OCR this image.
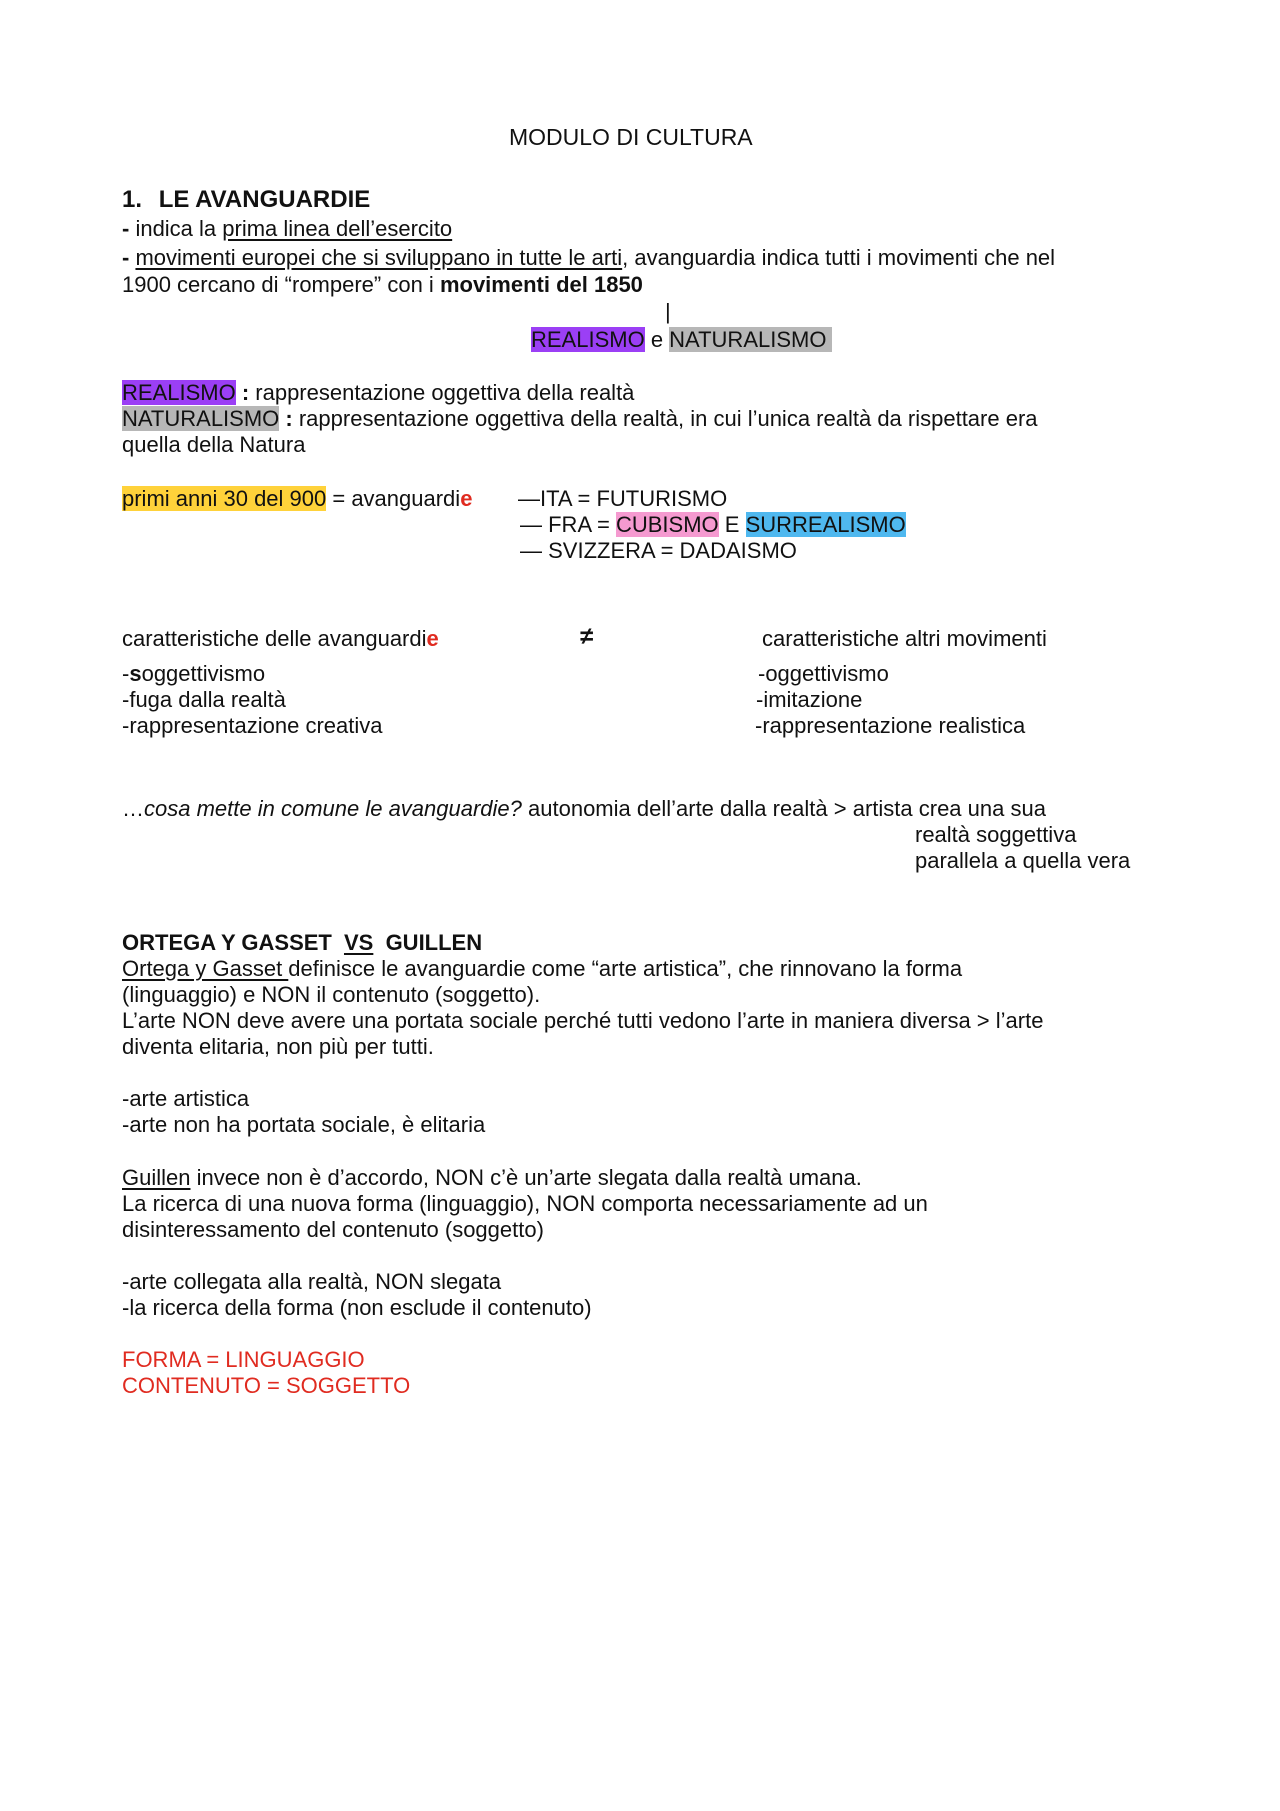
MODULO DI CULTURA
1. LE AVANGUARDIE
- indica la prima linea dell’esercito
- movimenti europei che si sviluppano in tutte le arti, avanguardia indica tutti i movimenti che nel
1900 cercano di “rompere” con i movimenti del 1850
|
REALISMO e NATURALISMO
REALISMO : rappresentazione oggettiva della realtà
NATURALISMO : rappresentazione oggettiva della realtà, in cui l’unica realtà da rispettare era
quella della Natura
primi anni 30 del 900 = avanguardie —ITA = FUTURISMO
— FRA = CUBISMO E SURREALISMO
— SVIZZERA = DADAISMO
caratteristiche delle avanguardie	≠	caratteristiche altri movimenti
-soggettivismo
-fuga dalla realtà
-rappresentazione creativa
-oggettivismo
-imitazione
-rappresentazione realistica
…cosa mette in comune le avanguardie? autonomia dell’arte dalla realtà > artista crea una sua
realtà soggettiva
parallela a quella vera
ORTEGA Y GASSET VS  GUILLEN
Ortega y Gasset definisce le avanguardie come “arte artistica”, che rinnovano la forma
(linguaggio) e NON il contenuto (soggetto).
L’arte NON deve avere una portata sociale perché tutti vedono l’arte in maniera diversa > l’arte
diventa elitaria, non più per tutti.
-arte artistica
-arte non ha portata sociale, è elitaria
Guillen invece non è d’accordo, NON c’è un’arte slegata dalla realtà umana.
La ricerca di una nuova forma (linguaggio), NON comporta necessariamente ad un
disinteressamento del contenuto (soggetto)
-arte collegata alla realtà, NON slegata
-la ricerca della forma (non esclude il contenuto)
FORMA = LINGUAGGIO
CONTENUTO = SOGGETTO
